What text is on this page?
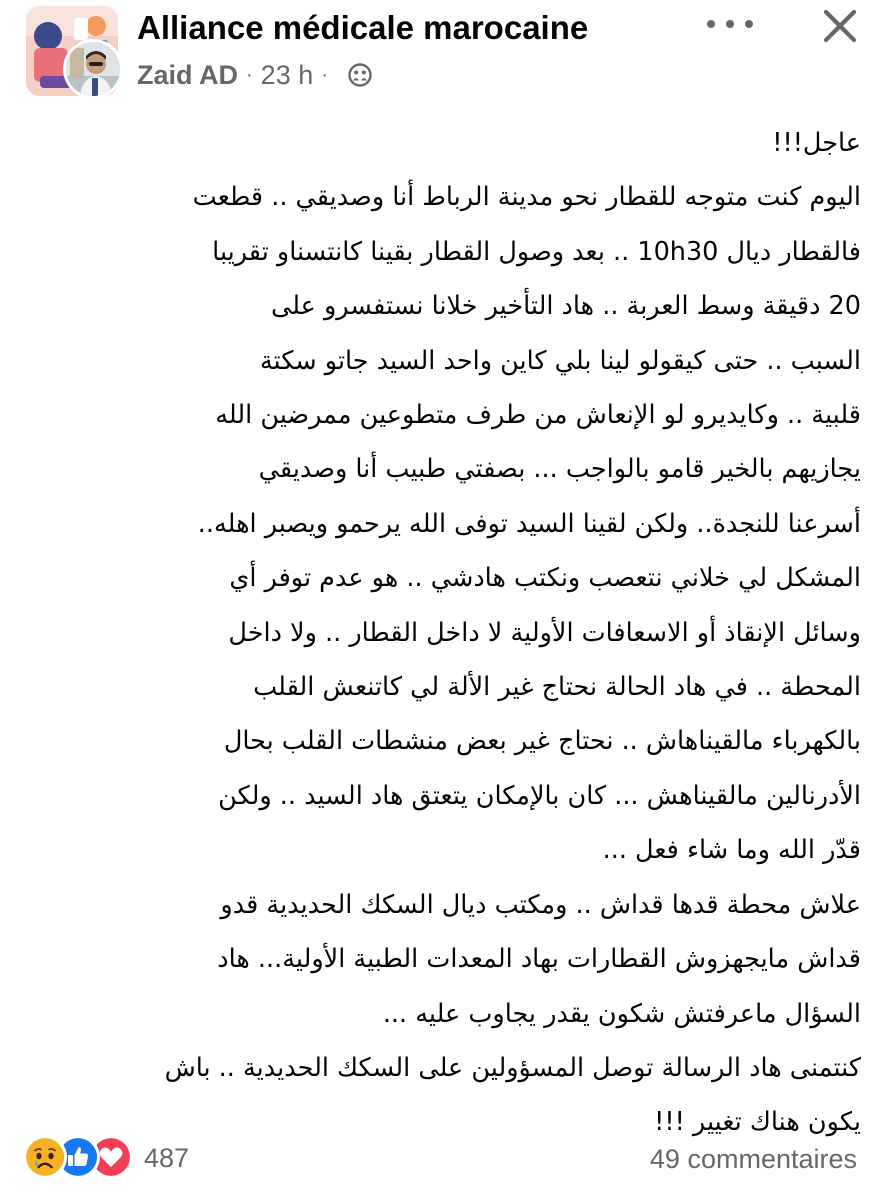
Alliance médicale marocaine
Zaid AD · 23 h ·
عاجل!!!
اليوم كنت متوجه للقطار نحو مدينة الرباط أنا وصديقي .. قطعت
فالقطار ديال 10h30 .. بعد وصول القطار بقينا كانتسناو تقريبا
20 دقيقة وسط العربة .. هاد التأخير خلانا نستفسرو على
السبب .. حتى كيقولو لينا بلي كاين واحد السيد جاتو سكتة
قلبية .. وكايديرو لو الإنعاش من طرف متطوعين ممرضين الله
يجازيهم بالخير قامو بالواجب ... بصفتي طبيب أنا وصديقي
أسرعنا للنجدة.. ولكن لقينا السيد توفى الله يرحمو ويصبر اهله..
المشكل لي خلاني نتعصب ونكتب هادشي .. هو عدم توفر أي
وسائل الإنقاذ أو الاسعافات الأولية لا داخل القطار .. ولا داخل
المحطة .. في هاد الحالة نحتاج غير الألة لي كاتنعش القلب
بالكهرباء مالقيناهاش .. نحتاج غير بعض منشطات القلب بحال
الأدرنالين مالقيناهش ... كان بالإمكان يتعتق هاد السيد .. ولكن
قدّر الله وما شاء فعل ...
علاش محطة قدها قداش .. ومكتب ديال السكك الحديدية قدو
قداش مايجهزوش القطارات بهاد المعدات الطبية الأولية... هاد
السؤال ماعرفتش شكون يقدر يجاوب عليه ...
كنتمنى هاد الرسالة توصل المسؤولين على السكك الحديدية .. باش
يكون هناك تغيير !!!
487	49 commentaires
